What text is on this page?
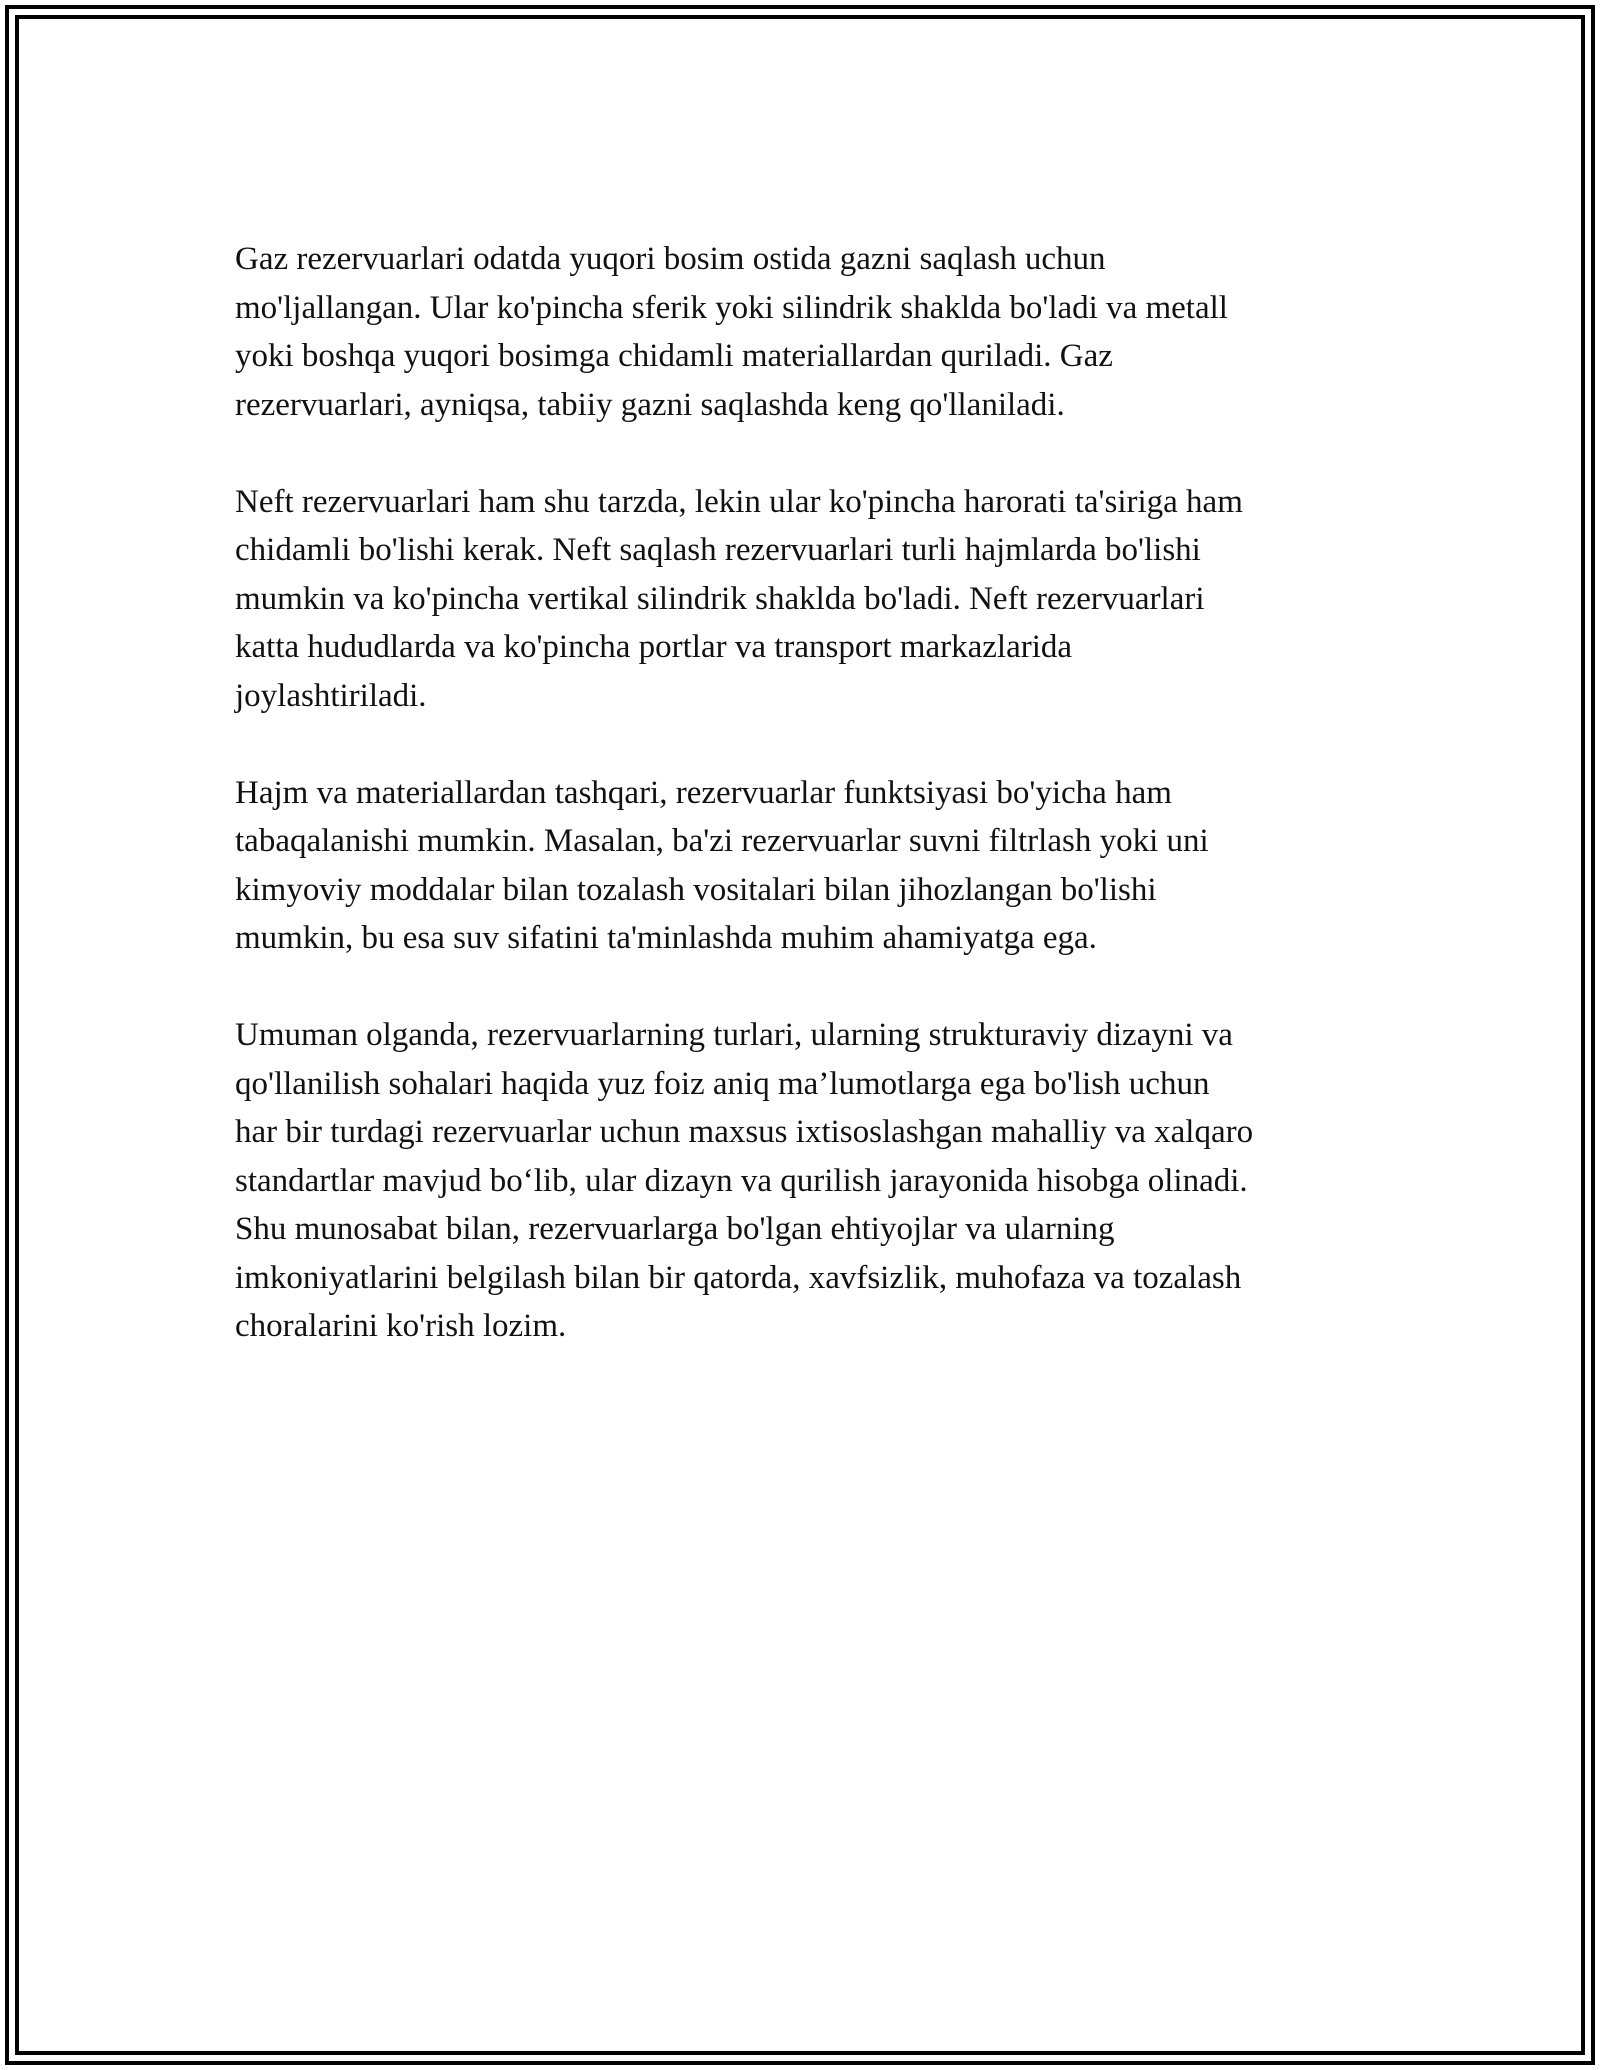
Gaz rezervuarlari odatda yuqori bosim ostida gazni saqlash uchun
mo'ljallangan. Ular ko'pincha sferik yoki silindrik shaklda bo'ladi va metall
yoki boshqa yuqori bosimga chidamli materiallardan quriladi. Gaz
rezervuarlari, ayniqsa, tabiiy gazni saqlashda keng qo'llaniladi.

Neft rezervuarlari ham shu tarzda, lekin ular ko'pincha harorati ta'siriga ham
chidamli bo'lishi kerak. Neft saqlash rezervuarlari turli hajmlarda bo'lishi
mumkin va ko'pincha vertikal silindrik shaklda bo'ladi. Neft rezervuarlari
katta hududlarda va ko'pincha portlar va transport markazlarida
joylashtiriladi.

Hajm va materiallardan tashqari, rezervuarlar funktsiyasi bo'yicha ham
tabaqalanishi mumkin. Masalan, ba'zi rezervuarlar suvni filtrlash yoki uni
kimyoviy moddalar bilan tozalash vositalari bilan jihozlangan bo'lishi
mumkin, bu esa suv sifatini ta'minlashda muhim ahamiyatga ega.

Umuman olganda, rezervuarlarning turlari, ularning strukturaviy dizayni va
qo'llanilish sohalari haqida yuz foiz aniq ma’lumotlarga ega bo'lish uchun
har bir turdagi rezervuarlar uchun maxsus ixtisoslashgan mahalliy va xalqaro
standartlar mavjud bo‘lib, ular dizayn va qurilish jarayonida hisobga olinadi.
Shu munosabat bilan, rezervuarlarga bo'lgan ehtiyojlar va ularning
imkoniyatlarini belgilash bilan bir qatorda, xavfsizlik, muhofaza va tozalash
choralarini ko'rish lozim.
